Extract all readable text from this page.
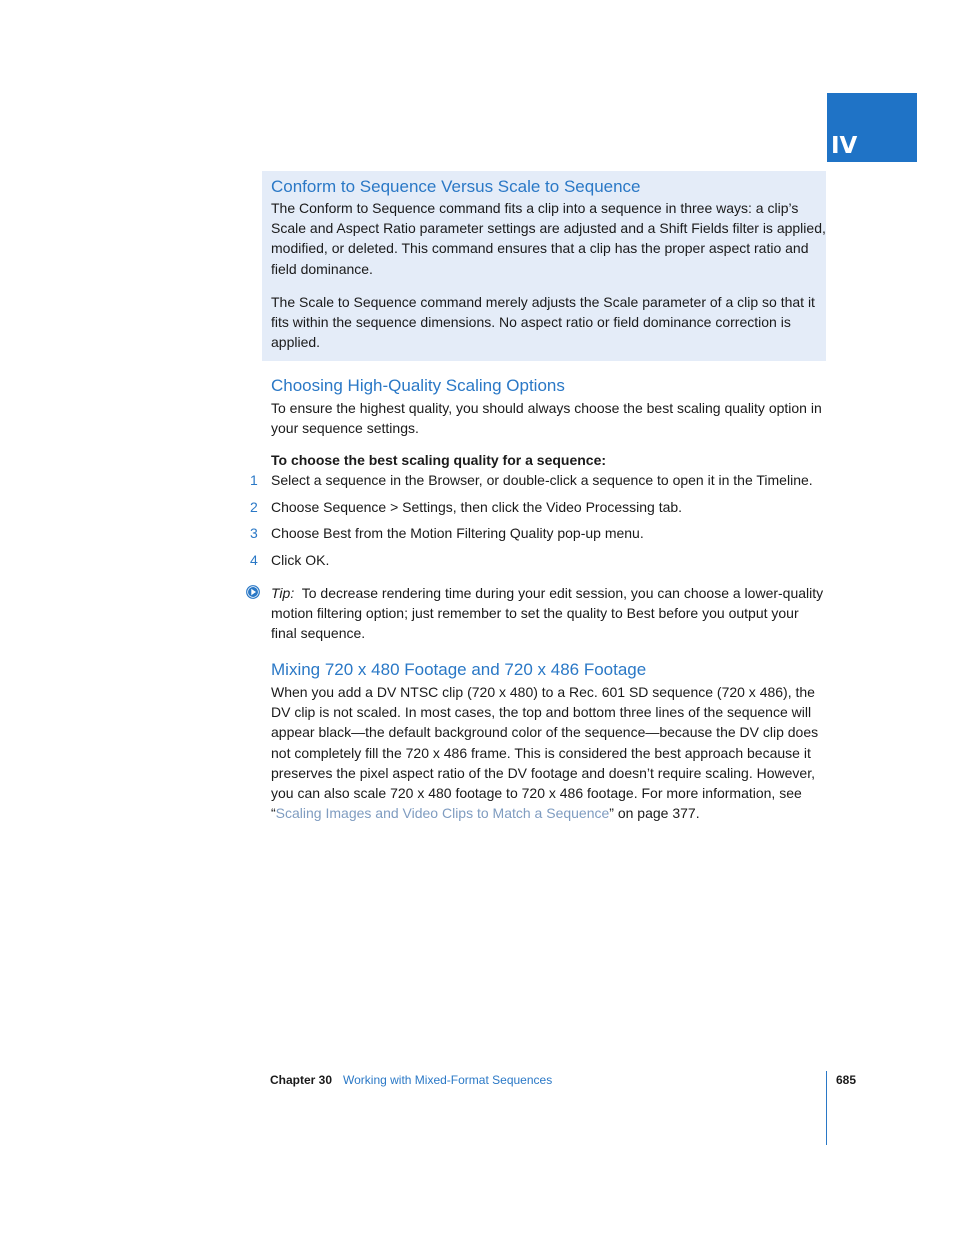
IV
Conform to Sequence Versus Scale to Sequence

The Conform to Sequence command fits a clip into a sequence in three ways: a clip’s Scale and Aspect Ratio parameter settings are adjusted and a Shift Fields filter is applied, modified, or deleted. This command ensures that a clip has the proper aspect ratio and field dominance.

The Scale to Sequence command merely adjusts the Scale parameter of a clip so that it fits within the sequence dimensions. No aspect ratio or field dominance correction is applied.

Choosing High-Quality Scaling Options

To ensure the highest quality, you should always choose the best scaling quality option in your sequence settings.

To choose the best scaling quality for a sequence:
1 Select a sequence in the Browser, or double-click a sequence to open it in the Timeline.
2 Choose Sequence > Settings, then click the Video Processing tab.
3 Choose Best from the Motion Filtering Quality pop-up menu.
4 Click OK.

Tip: To decrease rendering time during your edit session, you can choose a lower-quality motion filtering option; just remember to set the quality to Best before you output your final sequence.

Mixing 720 x 480 Footage and 720 x 486 Footage

When you add a DV NTSC clip (720 x 480) to a Rec. 601 SD sequence (720 x 486), the DV clip is not scaled. In most cases, the top and bottom three lines of the sequence will appear black—the default background color of the sequence—because the DV clip does not completely fill the 720 x 486 frame. This is considered the best approach because it preserves the pixel aspect ratio of the DV footage and doesn’t require scaling. However, you can also scale 720 x 480 footage to 720 x 486 footage. For more information, see “Scaling Images and Video Clips to Match a Sequence” on page 377.

Chapter 30 Working with Mixed-Format Sequences	685
